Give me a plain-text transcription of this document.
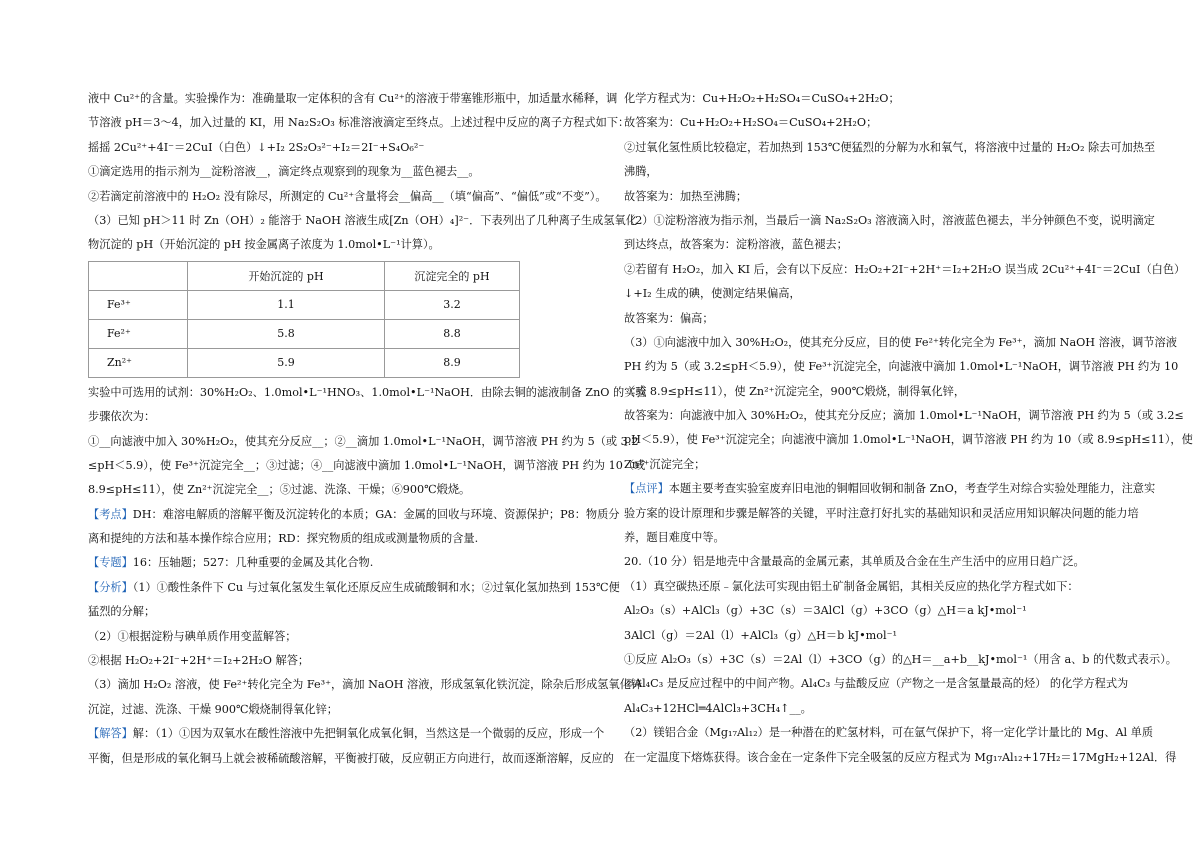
液中 Cu²⁺的含量。实验操作为：准确量取一定体积的含有 Cu²⁺的溶液于带塞锥形瓶中，加适量水稀释，调
节溶液 pH＝3～4，加入过量的 KI，用 Na₂S₂O₃ 标准溶液滴定至终点。上述过程中反应的离子方程式如下：
摇摇 2Cu²⁺+4I⁻＝2CuI（白色）↓+I₂ 2S₂O₃²⁻+I₂＝2I⁻+S₄O₆²⁻
①滴定选用的指示剂为__淀粉溶液__，滴定终点观察到的现象为__蓝色褪去__。
②若滴定前溶液中的 H₂O₂ 没有除尽，所测定的 Cu²⁺含量将会__偏高__（填“偏高”、“偏低”或“不变”）。
（3）已知 pH＞11 时 Zn（OH）₂ 能溶于 NaOH 溶液生成[Zn（OH）₄]²⁻．下表列出了几种离子生成氢氧化
物沉淀的 pH（开始沉淀的 pH 按金属离子浓度为 1.0mol•L⁻¹计算）。
	开始沉淀的 pH	沉淀完全的 pH
Fe³⁺	1.1	3.2
Fe²⁺	5.8	8.8
Zn²⁺	5.9	8.9
实验中可选用的试剂：30%H₂O₂、1.0mol•L⁻¹HNO₃、1.0mol•L⁻¹NaOH．由除去铜的滤液制备 ZnO 的实验
步骤依次为：
①__向滤液中加入 30%H₂O₂，使其充分反应__；②__滴加 1.0mol•L⁻¹NaOH，调节溶液 PH 约为 5（或 3.2
≤pH＜5.9），使 Fe³⁺沉淀完全__；③过滤；④__向滤液中滴加 1.0mol•L⁻¹NaOH，调节溶液 PH 约为 10（或
8.9≤pH≤11），使 Zn²⁺沉淀完全__；⑤过滤、洗涤、干燥；⑥900℃煅烧。
【考点】DH：难溶电解质的溶解平衡及沉淀转化的本质；GA：金属的回收与环境、资源保护；P8：物质分
离和提纯的方法和基本操作综合应用；RD：探究物质的组成或测量物质的含量.
【专题】16：压轴题；527：几种重要的金属及其化合物.
【分析】（1）①酸性条件下 Cu 与过氧化氢发生氧化还原反应生成硫酸铜和水；②过氧化氢加热到 153℃便
猛烈的分解；
（2）①根据淀粉与碘单质作用变蓝解答；
②根据 H₂O₂+2I⁻+2H⁺＝I₂+2H₂O 解答；
（3）滴加 H₂O₂ 溶液，使 Fe²⁺转化完全为 Fe³⁺，滴加 NaOH 溶液，形成氢氧化铁沉淀，除杂后形成氢氧化锌
沉淀，过滤、洗涤、干燥 900℃煅烧制得氧化锌；
【解答】解：（1）①因为双氧水在酸性溶液中先把铜氧化成氧化铜，当然这是一个微弱的反应，形成一个
平衡，但是形成的氧化铜马上就会被稀硫酸溶解，平衡被打破，反应朝正方向进行，故而逐渐溶解，反应的
化学方程式为：Cu+H₂O₂+H₂SO₄＝CuSO₄+2H₂O；
故答案为：Cu+H₂O₂+H₂SO₄＝CuSO₄+2H₂O；
②过氧化氢性质比较稳定，若加热到 153℃便猛烈的分解为水和氧气，将溶液中过量的 H₂O₂ 除去可加热至
沸腾，
故答案为：加热至沸腾；
（2）①淀粉溶液为指示剂，当最后一滴 Na₂S₂O₃ 溶液滴入时，溶液蓝色褪去，半分钟颜色不变，说明滴定
到达终点，故答案为：淀粉溶液，蓝色褪去；
②若留有 H₂O₂，加入 KI 后，会有以下反应：H₂O₂+2I⁻+2H⁺＝I₂+2H₂O 误当成 2Cu²⁺+4I⁻＝2CuI（白色）
↓+I₂ 生成的碘，使测定结果偏高，
故答案为：偏高；
（3）①向滤液中加入 30%H₂O₂，使其充分反应，目的使 Fe²⁺转化完全为 Fe³⁺，滴加 NaOH 溶液，调节溶液
PH 约为 5（或 3.2≤pH＜5.9），使 Fe³⁺沉淀完全，向滤液中滴加 1.0mol•L⁻¹NaOH，调节溶液 PH 约为 10
（或 8.9≤pH≤11），使 Zn²⁺沉淀完全，900℃煅烧，制得氧化锌，
故答案为：向滤液中加入 30%H₂O₂，使其充分反应；滴加 1.0mol•L⁻¹NaOH，调节溶液 PH 约为 5（或 3.2≤
pH＜5.9），使 Fe³⁺沉淀完全；向滤液中滴加 1.0mol•L⁻¹NaOH，调节溶液 PH 约为 10（或 8.9≤pH≤11），使
Zn²⁺沉淀完全；
【点评】本题主要考查实验室废弃旧电池的铜帽回收铜和制备 ZnO，考查学生对综合实验处理能力，注意实
验方案的设计原理和步骤是解答的关键，平时注意打好扎实的基础知识和灵活应用知识解决问题的能力培
养，题目难度中等。
20.（10 分）铝是地壳中含量最高的金属元素，其单质及合金在生产生活中的应用日趋广泛。
（1）真空碳热还原﹣氯化法可实现由铝土矿制备金属铝，其相关反应的热化学方程式如下：
Al₂O₃（s）+AlCl₃（g）+3C（s）＝3AlCl（g）+3CO（g）△H＝a kJ•mol⁻¹
3AlCl（g）＝2Al（l）+AlCl₃（g）△H＝b kJ•mol⁻¹
①反应 Al₂O₃（s）+3C（s）＝2Al（l）+3CO（g）的△H＝__a+b__kJ•mol⁻¹（用含 a、b 的代数式表示）。
②Al₄C₃ 是反应过程中的中间产物。Al₄C₃ 与盐酸反应（产物之一是含氢量最高的烃） 的化学方程式为
Al₄C₃+12HCl═4AlCl₃+3CH₄↑__。
（2）镁铝合金（Mg₁₇Al₁₂）是一种潜在的贮氢材料，可在氩气保护下，将一定化学计量比的 Mg、Al 单质
在一定温度下熔炼获得。该合金在一定条件下完全吸氢的反应方程式为 Mg₁₇Al₁₂+17H₂＝17MgH₂+12Al．得
